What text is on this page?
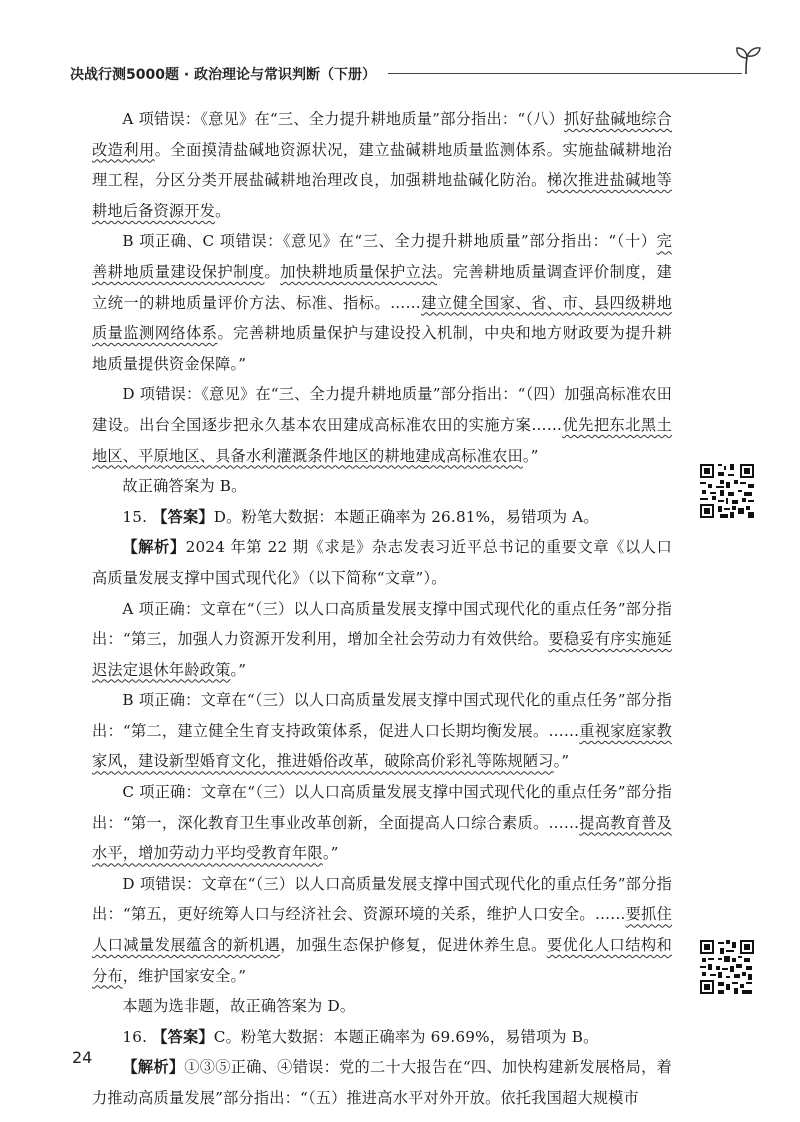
决战行测5000题 · 政治理论与常识判断（下册）

A 项错误：《意见》在“三、全力提升耕地质量”部分指出：“（八）抓好盐碱地综合改造利用。全面摸清盐碱地资源状况，建立盐碱耕地质量监测体系。实施盐碱耕地治理工程，分区分类开展盐碱耕地治理改良，加强耕地盐碱化防治。梯次推进盐碱地等耕地后备资源开发。

B 项正确、C 项错误：《意见》在“三、全力提升耕地质量”部分指出：“（十）完善耕地质量建设保护制度。加快耕地质量保护立法。完善耕地质量调查评价制度，建立统一的耕地质量评价方法、标准、指标。……建立健全国家、省、市、县四级耕地质量监测网络体系。完善耕地质量保护与建设投入机制，中央和地方财政要为提升耕地质量提供资金保障。”

D 项错误：《意见》在“三、全力提升耕地质量”部分指出：“（四）加强高标准农田建设。出台全国逐步把永久基本农田建成高标准农田的实施方案……优先把东北黑土地区、平原地区、具备水利灌溉条件地区的耕地建成高标准农田。”

故正确答案为 B。

15. 【答案】D。粉笔大数据：本题正确率为 26.81%，易错项为 A。

【解析】2024 年第 22 期《求是》杂志发表习近平总书记的重要文章《以人口高质量发展支撑中国式现代化》（以下简称“文章”）。

A 项正确：文章在“（三）以人口高质量发展支撑中国式现代化的重点任务”部分指出：“第三，加强人力资源开发利用，增加全社会劳动力有效供给。要稳妥有序实施延迟法定退休年龄政策。”

B 项正确：文章在“（三）以人口高质量发展支撑中国式现代化的重点任务”部分指出：“第二，建立健全生育支持政策体系，促进人口长期均衡发展。……重视家庭家教家风，建设新型婚育文化，推进婚俗改革，破除高价彩礼等陈规陋习。”

C 项正确：文章在“（三）以人口高质量发展支撑中国式现代化的重点任务”部分指出：“第一，深化教育卫生事业改革创新，全面提高人口综合素质。……提高教育普及水平，增加劳动力平均受教育年限。”

D 项错误：文章在“（三）以人口高质量发展支撑中国式现代化的重点任务”部分指出：“第五，更好统筹人口与经济社会、资源环境的关系，维护人口安全。……要抓住人口减量发展蕴含的新机遇，加强生态保护修复，促进休养生息。要优化人口结构和分布，维护国家安全。”

本题为选非题，故正确答案为 D。

16. 【答案】C。粉笔大数据：本题正确率为 69.69%，易错项为 B。

【解析】①③⑤正确、④错误：党的二十大报告在“四、加快构建新发展格局，着力推动高质量发展”部分指出：“（五）推进高水平对外开放。依托我国超大规模市

24
